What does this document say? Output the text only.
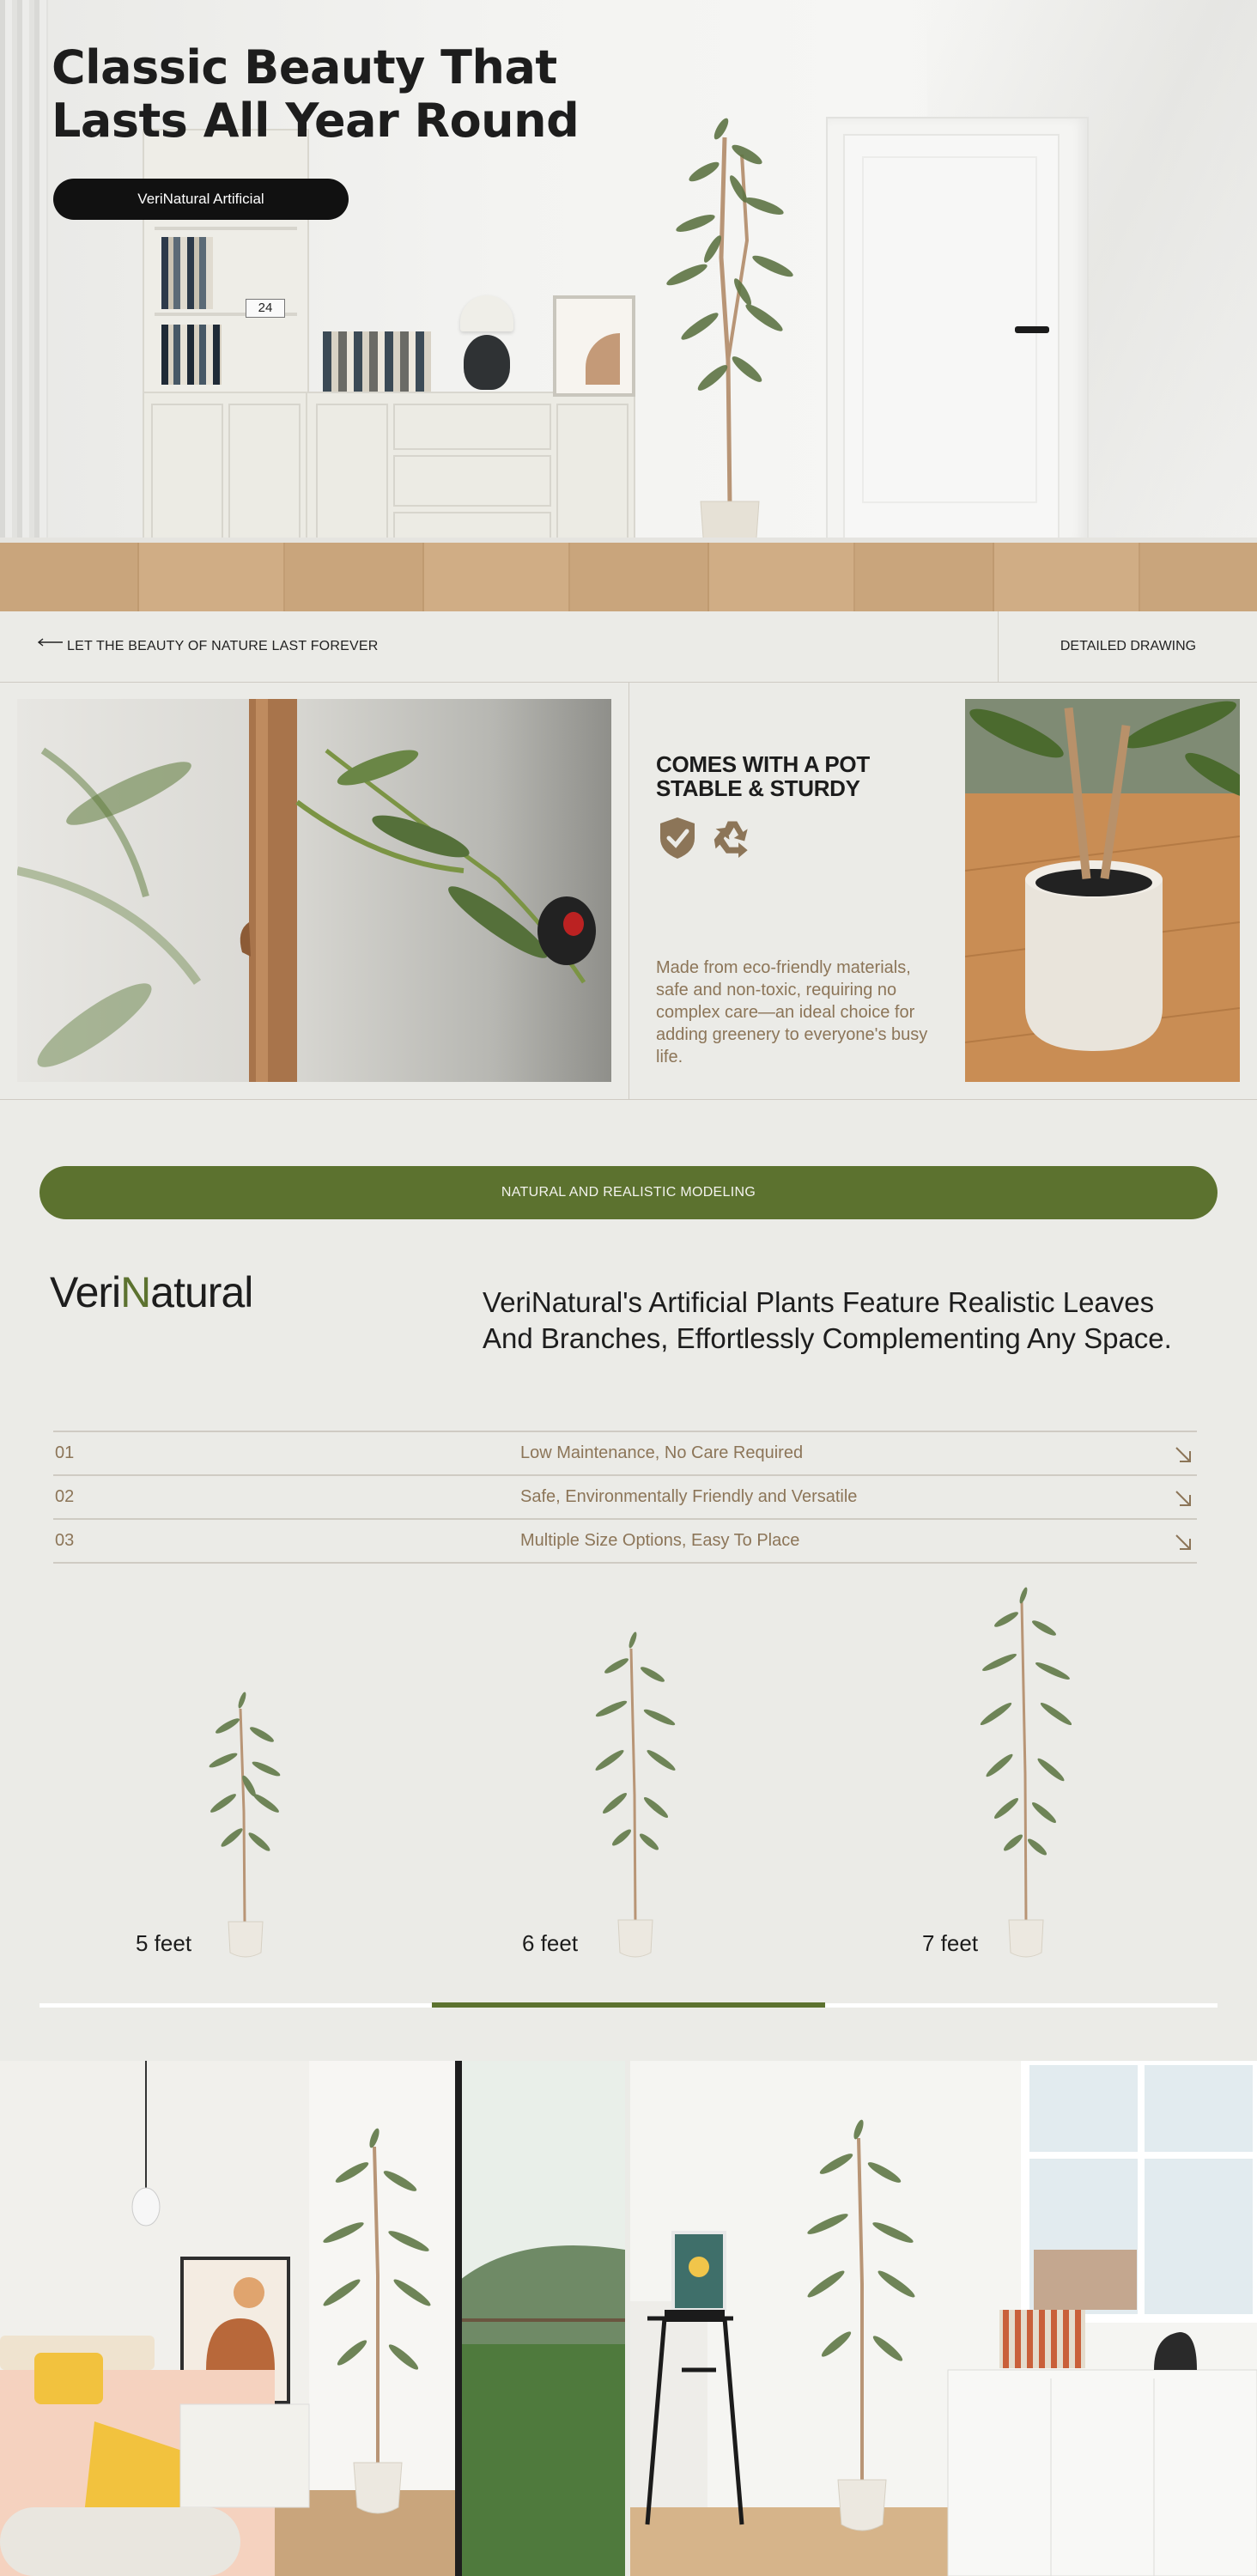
24
Classic Beauty That
Lasts All Year Round
VeriNatural Artificial
LET THE BEAUTY OF NATURE LAST FOREVER	DETAILED DRAWING
COMES WITH A POT
STABLE & STURDY
Made from eco-friendly materials, safe and non-toxic, requiring no complex care—an ideal choice for adding greenery to everyone's busy life.
NATURAL AND REALISTIC MODELING
VeriNatural	VeriNatural's Artificial Plants Feature Realistic Leaves And Branches, Effortlessly Complementing Any Space.
01	Low Maintenance, No Care Required
02	Safe, Environmentally Friendly and Versatile
03	Multiple Size Options, Easy To Place
5 feet	6 feet	7 feet
